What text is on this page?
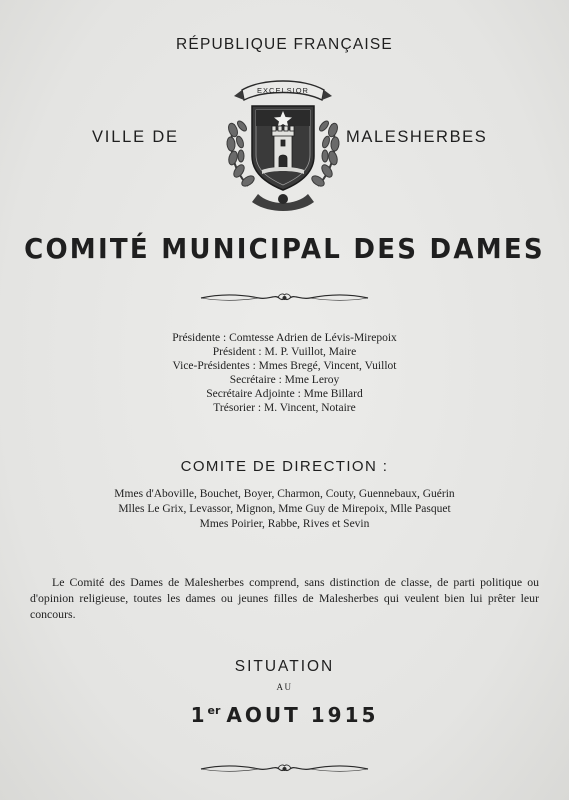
RÉPUBLIQUE FRANÇAISE
VILLE DE	MALESHERBES
EXCELSIOR
COMITÉ MUNICIPAL DES DAMES
Présidente : Comtesse Adrien de Lévis-Mirepoix
Président : M. P. Vuillot, Maire
Vice-Présidentes : Mmes Bregé, Vincent, Vuillot
Secrétaire : Mme Leroy
Secrétaire Adjointe : Mme Billard
Trésorier : M. Vincent, Notaire
COMITE DE DIRECTION :
Mmes d'Aboville, Bouchet, Boyer, Charmon, Couty, Guennebaux, Guérin
Mlles Le Grix, Levassor, Mignon, Mme Guy de Mirepoix, Mlle Pasquet
Mmes Poirier, Rabbe, Rives et Sevin
Le Comité des Dames de Malesherbes comprend, sans distinction de classe, de parti politique ou d'opinion religieuse, toutes les dames ou jeunes filles de Malesherbes qui veulent bien lui prêter leur concours.
SITUATION
AU
1er AOUT 1915
